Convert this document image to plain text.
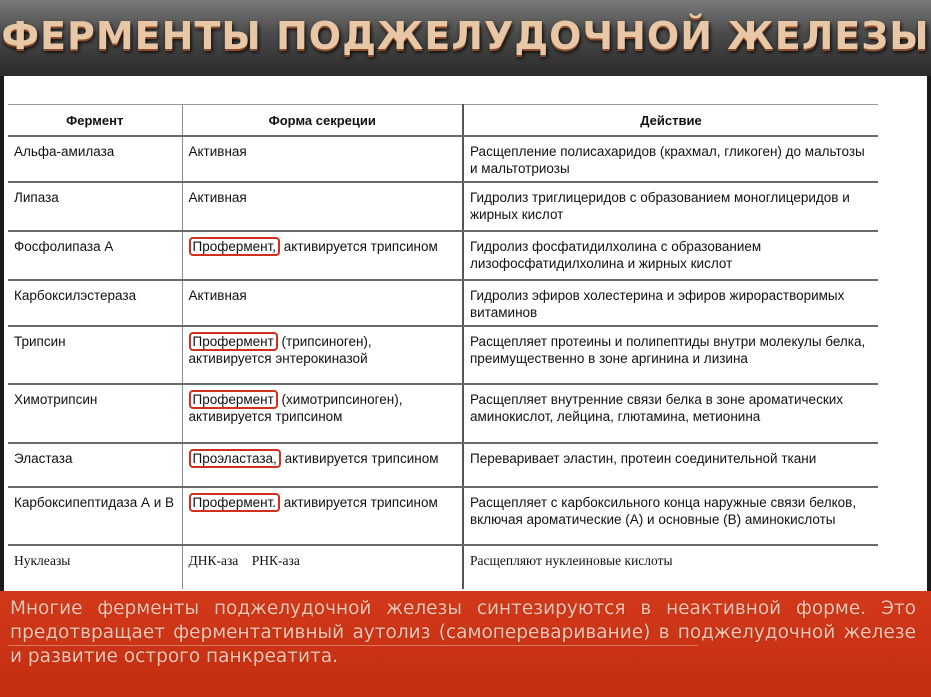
ФЕРМЕНТЫ ПОДЖЕЛУДОЧНОЙ ЖЕЛЕЗЫ
Фермент	Форма секреции	Действие
Альфа-амилаза	Активная	Расщепление полисахаридов (крахмал, гликоген) до мальтозы и мальтотриозы
Липаза	Активная	Гидролиз триглицеридов с образованием моноглицеридов и жирных кислот
Фосфолипаза А	Профермент, активируется трипсином	Гидролиз фосфатидилхолина с образованием лизофосфатидилхолина и жирных кислот
Карбоксилэстераза	Активная	Гидролиз эфиров холестерина и эфиров жирорастворимых витаминов
Трипсин	Профермент (трипсиноген), активируется энтерокиназой	Расщепляет протеины и полипептиды внутри молекулы белка, преимущественно в зоне аргинина и лизина
Химотрипсин	Профермент (химотрипсиноген), активируется трипсином	Расщепляет внутренние связи белка в зоне ароматических аминокислот, лейцина, глютамина, метионина
Эластаза	Проэластаза, активируется трипсином	Переваривает эластин, протеин соединительной ткани
Карбоксипептидаза А и В	Профермент. активируется трипсином	Расщепляет с карбоксильного конца наружные связи белков, включая ароматические (А) и основные (В) аминокислоты
Нуклеазы	ДНК-аза    РНК-аза	Расщепляют нуклеиновые кислоты
Многие ферменты поджелудочной железы синтезируются в неактивной форме. Это предотвращает ферментативный аутолиз (самопереваривание) в поджелудочной железе и развитие острого панкреатита.
